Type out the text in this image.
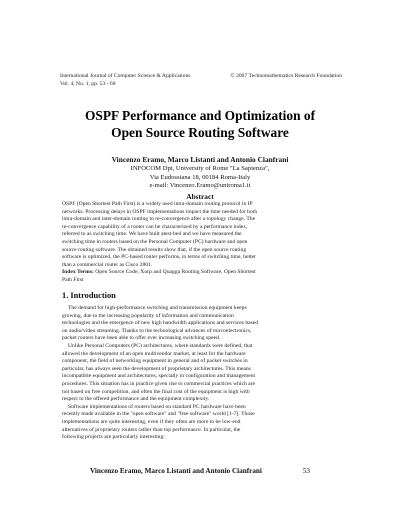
International Journal of Computer Science & Applications	© 2007 Technomathematics Research Foundation
Vol. 4, No. 1, pp. 53 - 68
OSPF Performance and Optimization of
Open Source Routing Software
Vincenzo Eramo, Marco Listanti and Antonio Cianfrani
INFOCOM Dpt, University of Rome "La Sapienza",
Via Eudossiana 18, 00184 Roma-Italy
e-mail: Vincenzo.Eramo@uniroma1.it
Abstract
OSPF (Open Shortest Path First) is a widely used intra-domain routing protocol in IP
networks. Processing delays in OSPF implementations impact the time needed for both
intra-domain and inter-domain routing to re-convergence after a topology change. The
re-convergence capability of a router can be characterized by a performance index,
referred to as switching time. We have built atest-bed and we have measured the
switching time in routers based on the Personal Computer (PC) hardware and open
source routing software. The obtained results show that, if the open source routing
software is optimized, the PC-based router performs, in terms of switching time, better
than a commercial router as Cisco 2801.
Index Terms: Open Source Code, Xorp and Quagga Routing Software, Open Shortest
Path First
1. Introduction
The demand for high-performance switching and transmission equipment keeps
growing, due to the increasing popularity of information and communication
technologies and the emergence of new high bandwidth applications and services based
on audio/video streaming. Thanks to the technological advances of microelectronics,
packet routers have been able to offer ever increasing switching speed.
Unlike Personal Computers (PC) architectures, where standards were defined, that
allowed the development of an open multivendor market, at least for the hardware
component, the field of networking equipment in general and of packet switches in
particular, has always seen the development of proprietary architectures. This means
incompatible equipment and architectures, specially in configuration and management
procedures. This situation has in practice given rise to commercial practices which are
not based on free competition, and often the final cost of the equipment is high with
respect to the offered performance and the equipment complexity.
Software implementations of routers based on standard PC hardware have been
recently made available in the "open software" and "free software" world [1-7]. Those
implementations are quite interesting, even if they often are more to be low-end
alternatives of proprietary routers rather than top performance. In particular, the
following projects are particularly interesting:
Vincenzo Eramo, Marco Listanti and Antonio Cianfrani	53
